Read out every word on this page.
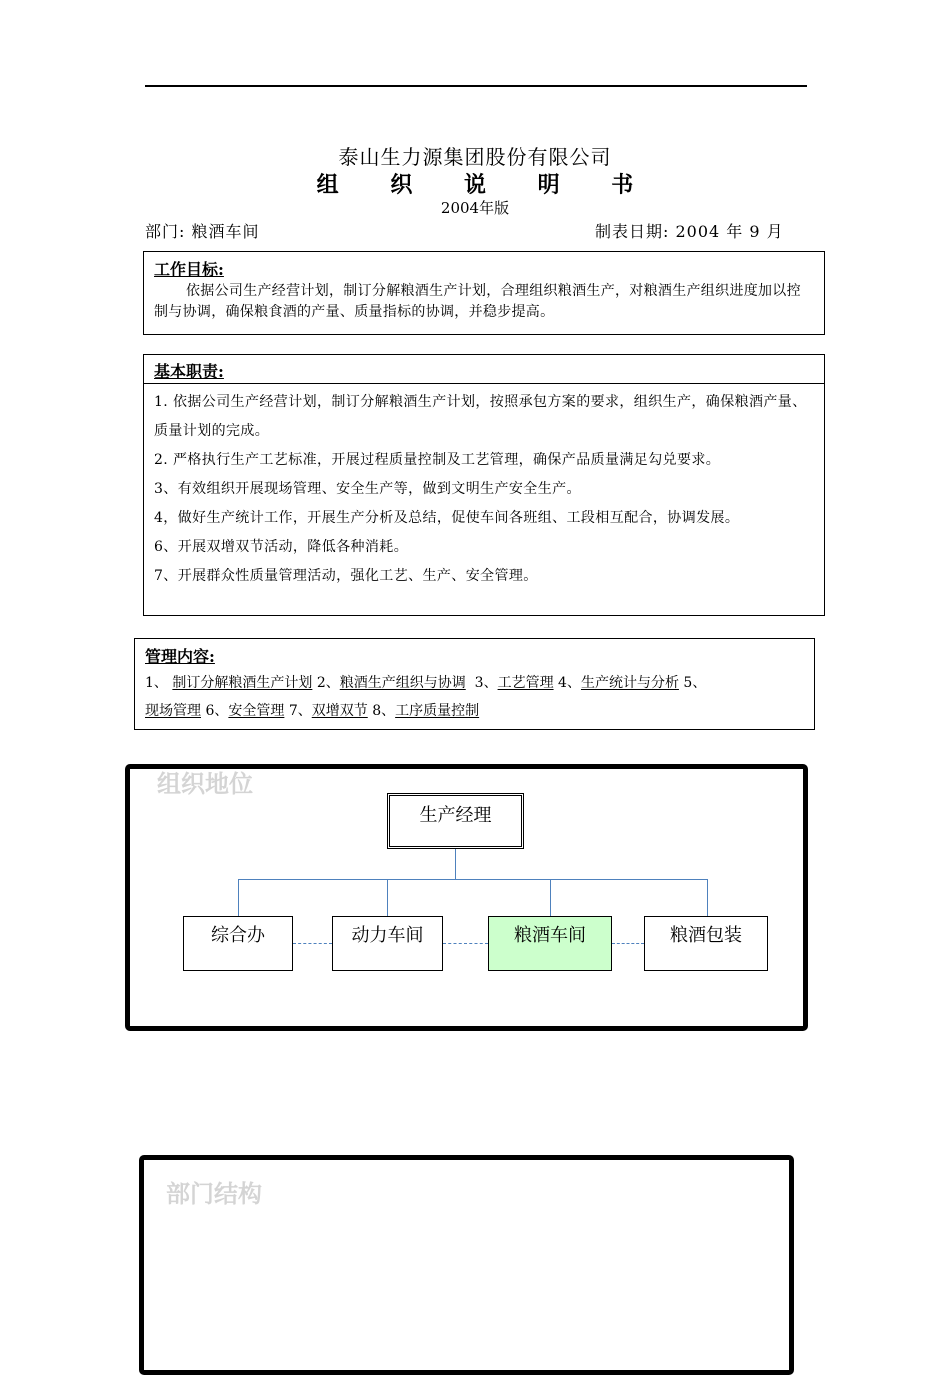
泰山生力源集团股份有限公司
组 织 说 明 书
2004年版
部门: 粮酒车间	制表日期: 2004 年 9 月
工作目标:
依据公司生产经营计划，制订分解粮酒生产计划，合理组织粮酒生产，对粮酒生产组织进度加以控制与协调，确保粮食酒的产量、质量指标的协调，并稳步提高。
基本职责:
1. 依据公司生产经营计划，制订分解粮酒生产计划，按照承包方案的要求，组织生产，确保粮酒产量、质量计划的完成。
2. 严格执行生产工艺标准，开展过程质量控制及工艺管理，确保产品质量满足勾兑要求。
3、有效组织开展现场管理、安全生产等，做到文明生产安全生产。
4，做好生产统计工作，开展生产分析及总结，促使车间各班组、工段相互配合，协调发展。
6、开展双增双节活动，降低各种消耗。
7、开展群众性质量管理活动，强化工艺、生产、安全管理。
管理内容:
1、 制订分解粮酒生产计划 2、粮酒生产组织与协调 3、工艺管理 4、生产统计与分析 5、
现场管理 6、安全管理 7、双增双节 8、工序质量控制
组织地位
生产经理
综合办	动力车间	粮酒车间	粮酒包装
部门结构
